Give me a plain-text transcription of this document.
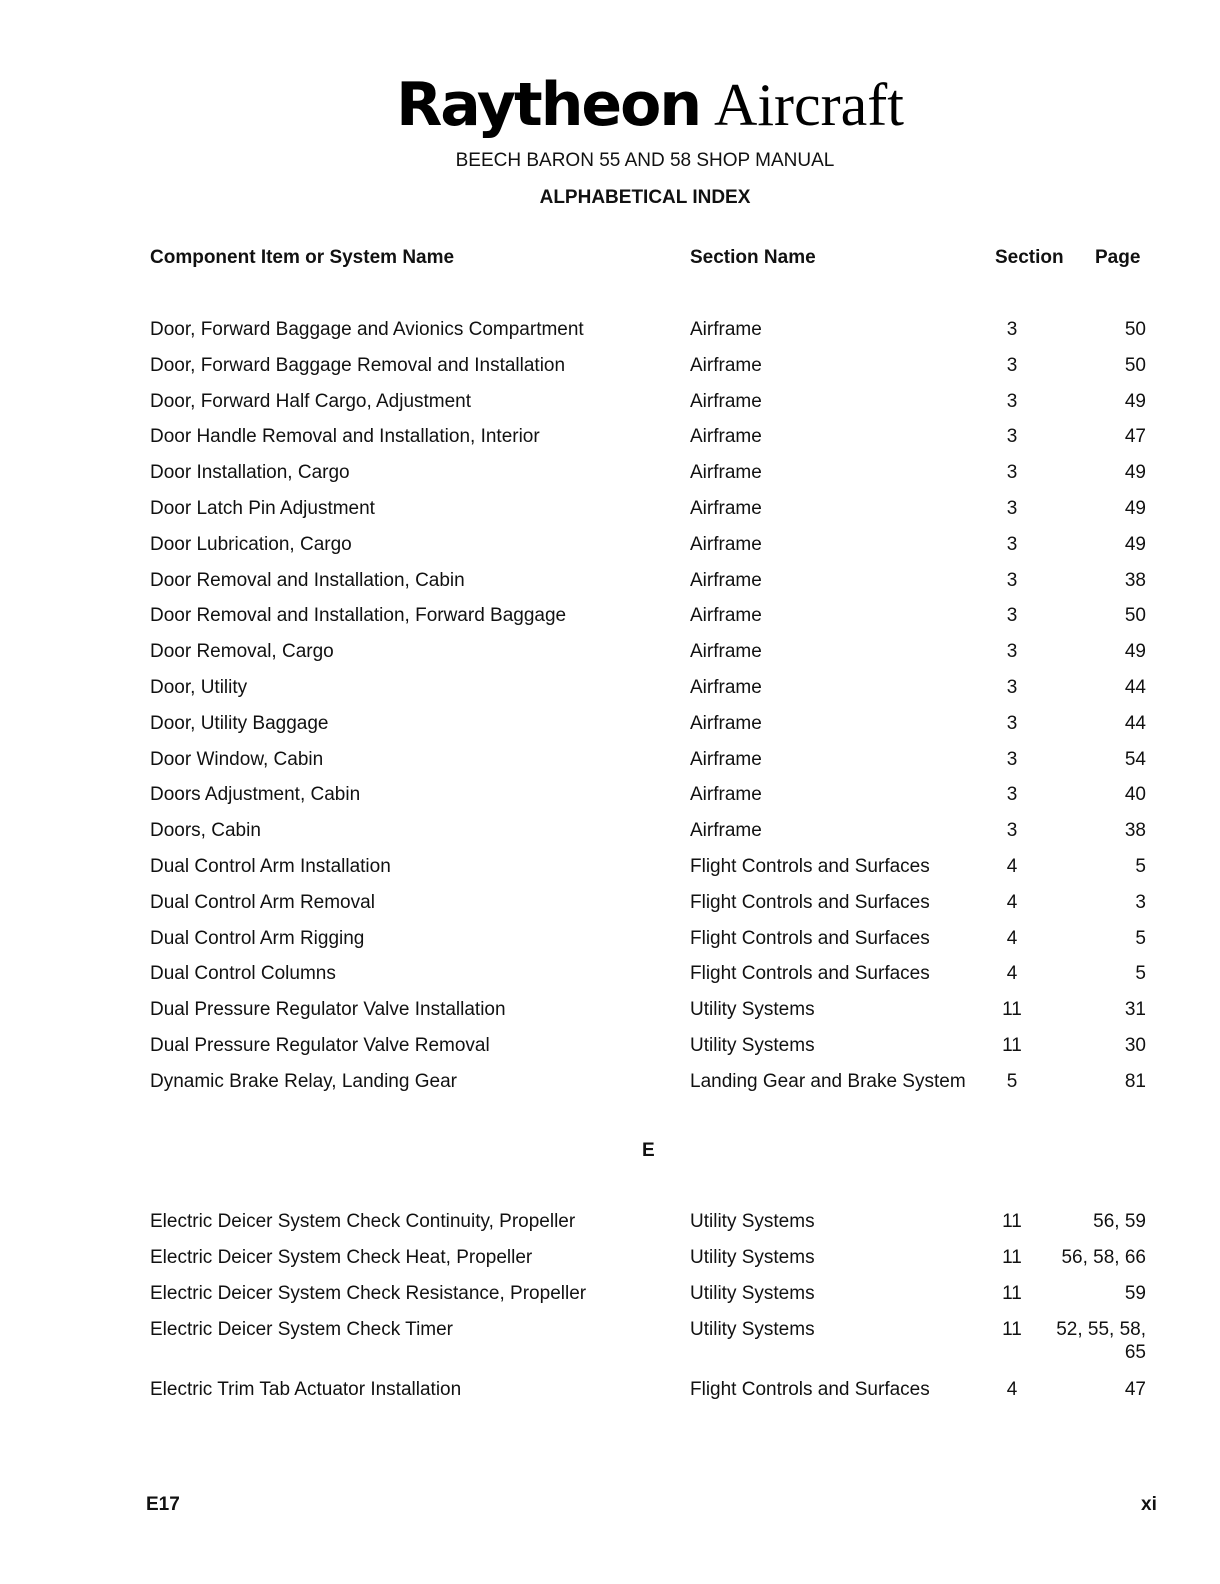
Raytheon Aircraft
BEECH BARON 55 AND 58 SHOP MANUAL
ALPHABETICAL INDEX
Component Item or System Name	Section Name	Section Page
Door, Forward Baggage and Avionics Compartment	Airframe	3	50
Door, Forward Baggage Removal and Installation	Airframe	3	50
Door, Forward Half Cargo, Adjustment	Airframe	3	49
Door Handle Removal and Installation, Interior	Airframe	3	47
Door Installation, Cargo	Airframe	3	49
Door Latch Pin Adjustment	Airframe	3	49
Door Lubrication, Cargo	Airframe	3	49
Door Removal and Installation, Cabin	Airframe	3	38
Door Removal and Installation, Forward Baggage	Airframe	3	50
Door Removal, Cargo	Airframe	3	49
Door, Utility	Airframe	3	44
Door, Utility Baggage	Airframe	3	44
Door Window, Cabin	Airframe	3	54
Doors Adjustment, Cabin	Airframe	3	40
Doors, Cabin	Airframe	3	38
Dual Control Arm Installation	Flight Controls and Surfaces	4	5
Dual Control Arm Removal	Flight Controls and Surfaces	4	3
Dual Control Arm Rigging	Flight Controls and Surfaces	4	5
Dual Control Columns	Flight Controls and Surfaces	4	5
Dual Pressure Regulator Valve Installation	Utility Systems	11	31
Dual Pressure Regulator Valve Removal	Utility Systems	11	30
Dynamic Brake Relay, Landing Gear	Landing Gear and Brake System	5	81
E
Electric Deicer System Check Continuity, Propeller	Utility Systems	11	56, 59
Electric Deicer System Check Heat, Propeller	Utility Systems	11	56, 58, 66
Electric Deicer System Check Resistance, Propeller	Utility Systems	11	59
Electric Deicer System Check Timer	Utility Systems	11	52, 55, 58,
65
Electric Trim Tab Actuator Installation	Flight Controls and Surfaces	4	47
E17	xi
